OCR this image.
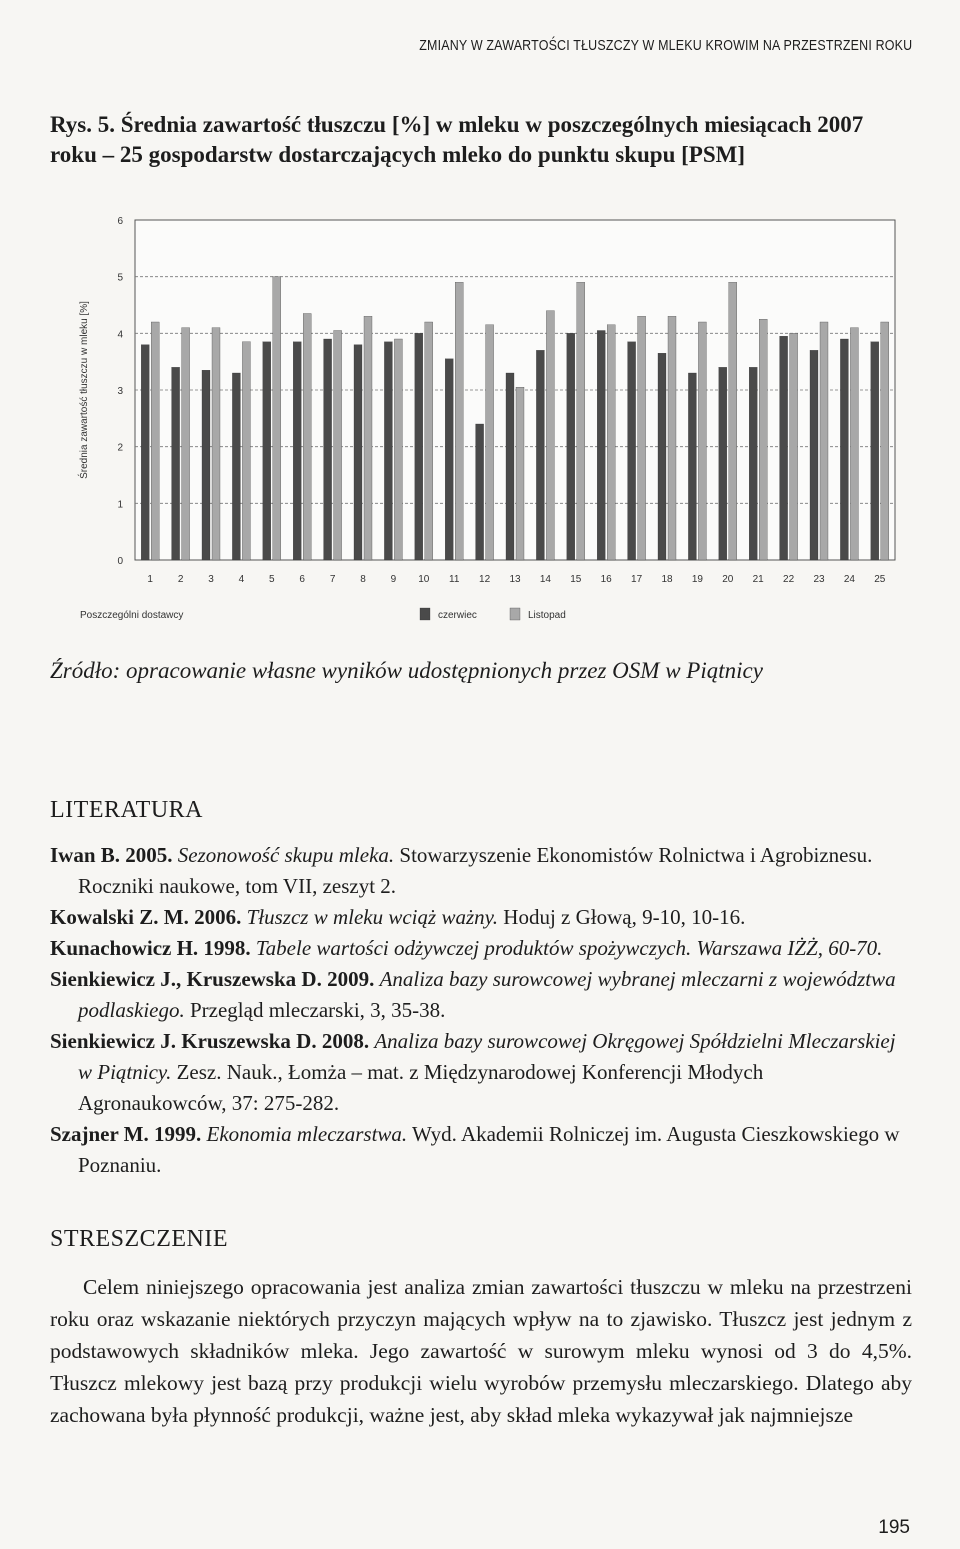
ZMIANY W ZAWARTOŚCI TŁUSZCZY W MLEKU KROWIM NA PRZESTRZENI ROKU
Rys. 5. Średnia zawartość tłuszczu [%] w mleku w poszczególnych miesiącach 2007 roku – 25 gospodarstw dostarczających mleko do punktu skupu [PSM]
0
1
2
3
4
5
6
Średnia zawartość tłuszczu w mleku [%]
1 2 3 4 5 6 7 8 9 10 11 12 13 14 15 16 17 18 19 20 21 22 23 24 25
Poszczególni dostawcy	czerwiec	Listopad
Źródło: opracowanie własne wyników udostępnionych przez OSM w Piątnicy
LITERATURA
Iwan B. 2005. Sezonowość skupu mleka. Stowarzyszenie Ekonomistów Rolnictwa i Agrobiznesu. Roczniki naukowe, tom VII, zeszyt 2.
Kowalski Z. M. 2006. Tłuszcz w mleku wciąż ważny. Hoduj z Głową, 9-10, 10-16.
Kunachowicz H. 1998. Tabele wartości odżywczej produktów spożywczych. Warszawa IŻŻ, 60-70.
Sienkiewicz J., Kruszewska D. 2009. Analiza bazy surowcowej wybranej mleczarni z województwa podlaskiego. Przegląd mleczarski, 3, 35-38.
Sienkiewicz J. Kruszewska D. 2008. Analiza bazy surowcowej Okręgowej Spółdzielni Mleczarskiej w Piątnicy. Zesz. Nauk., Łomża – mat. z Międzynarodowej Konferencji Młodych Agronaukowców, 37: 275-282.
Szajner M. 1999. Ekonomia mleczarstwa. Wyd. Akademii Rolniczej im. Augusta Cieszkowskiego w Poznaniu.
STRESZCZENIE

Celem niniejszego opracowania jest analiza zmian zawartości tłuszczu w mleku na przestrzeni roku oraz wskazanie niektórych przyczyn mających wpływ na to zjawisko. Tłuszcz jest jednym z podstawowych składników mleka. Jego zawartość w surowym mleku wynosi od 3 do 4,5%. Tłuszcz mlekowy jest bazą przy produkcji wielu wyrobów przemysłu mleczarskiego. Dlatego aby zachowana była płynność produkcji, ważne jest, aby skład mleka wykazywał jak najmniejsze

195
